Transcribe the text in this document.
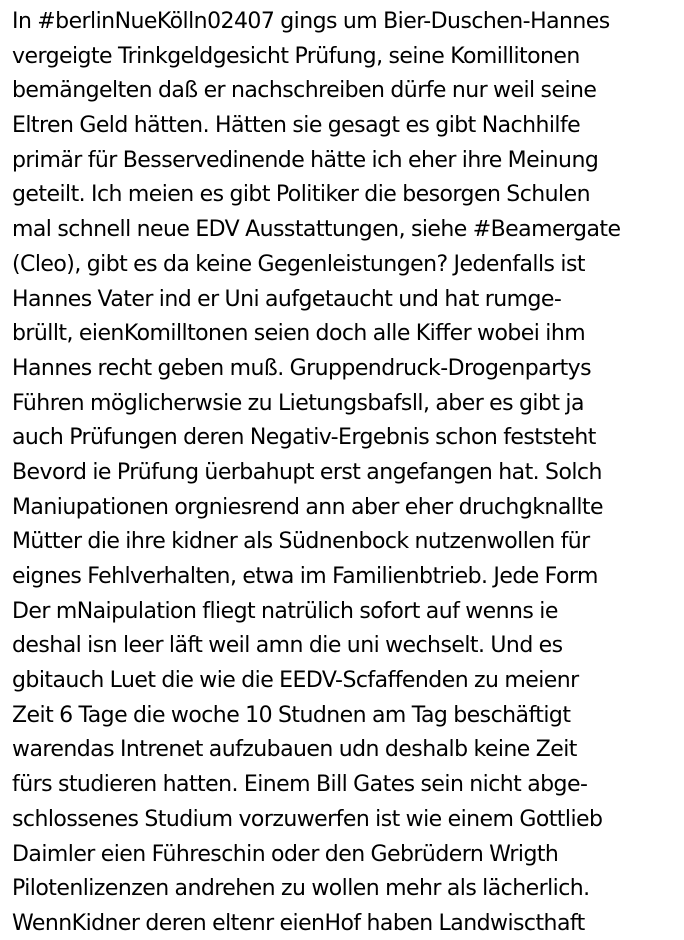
In #berlinNueKölln02407 gings um Bier-Duschen-Hannes
vergeigte Trinkgeldgesicht Prüfung, seine Komillitonen
bemängelten daß er nachschreiben dürfe nur weil seine
Eltren Geld hätten. Hätten sie gesagt es gibt Nachhilfe
primär für Besservedinende hätte ich eher ihre Meinung
geteilt. Ich meien es gibt Politiker die besorgen Schulen
mal schnell neue EDV Ausstattungen, siehe #Beamergate
(Cleo), gibt es da keine Gegenleistungen? Jedenfalls ist
Hannes Vater ind er Uni aufgetaucht und hat rumge-
brüllt, eienKomilltonen seien doch alle Kiffer wobei ihm
Hannes recht geben muß. Gruppendruck-Drogenpartys
Führen möglicherwsie zu Lietungsbafsll, aber es gibt ja
auch Prüfungen deren Negativ-Ergebnis schon feststeht
Bevord ie Prüfung üerbahupt erst angefangen hat. Solch
Maniupationen orgniesrend ann aber eher druchgknallte
Mütter die ihre kidner als Südnenbock nutzenwollen für
eignes Fehlverhalten, etwa im Familienbtrieb. Jede Form
Der mNaipulation fliegt natrülich sofort auf wenns ie
deshal isn leer läft weil amn die uni wechselt. Und es
gbitauch Luet die wie die EEDV-Scfaffenden zu meienr
Zeit 6 Tage die woche 10 Studnen am Tag beschäftigt
warendas Intrenet aufzubauen udn deshalb keine Zeit
fürs studieren hatten. Einem Bill Gates sein nicht abge-
schlossenes Studium vorzuwerfen ist wie einem Gottlieb
Daimler eien Führeschin oder den Gebrüdern Wrigth
Pilotenlizenzen andrehen zu wollen mehr als lächerlich.
WennKidner deren eltenr eienHof haben Landwiscthaft
